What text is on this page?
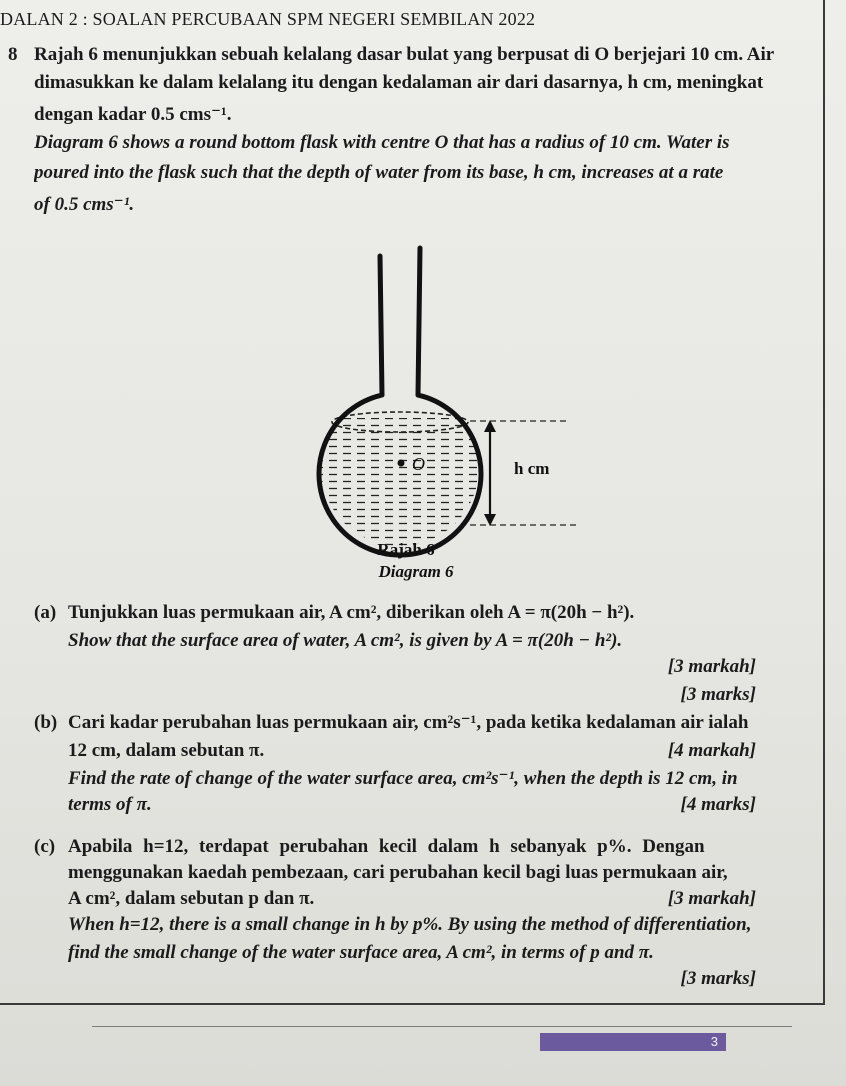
DALAN 2 : SOALAN PERCUBAAN SPM NEGERI SEMBILAN 2022
8 Rajah 6 menunjukkan sebuah kelalang dasar bulat yang berpusat di O berjejari 10 cm. Air
dimasukkan ke dalam kelalang itu dengan kedalaman air dari dasarnya, h cm, meningkat
dengan kadar 0.5 cms⁻¹.
Diagram 6 shows a round bottom flask with centre O that has a radius of 10 cm. Water is
poured into the flask such that the depth of water from its base, h cm, increases at a rate
of 0.5 cms⁻¹.
O	h cm
Rajah 6
Diagram 6
(a) Tunjukkan luas permukaan air, A cm², diberikan oleh A = π(20h − h²).
Show that the surface area of water, A cm², is given by A = π(20h − h²).
[3 markah]
[3 marks]
(b) Cari kadar perubahan luas permukaan air, cm²s⁻¹, pada ketika kedalaman air ialah
12 cm, dalam sebutan π.	[4 markah]
Find the rate of change of the water surface area, cm²s⁻¹, when the depth is 12 cm, in
terms of π.	[4 marks]
(c) Apabila h=12, terdapat perubahan kecil dalam h sebanyak p%. Dengan
menggunakan kaedah pembezaan, cari perubahan kecil bagi luas permukaan air,
A cm², dalam sebutan p dan π.	[3 markah]
When h=12, there is a small change in h by p%. By using the method of differentiation,
find the small change of the water surface area, A cm², in terms of p and π.
[3 marks]
3
